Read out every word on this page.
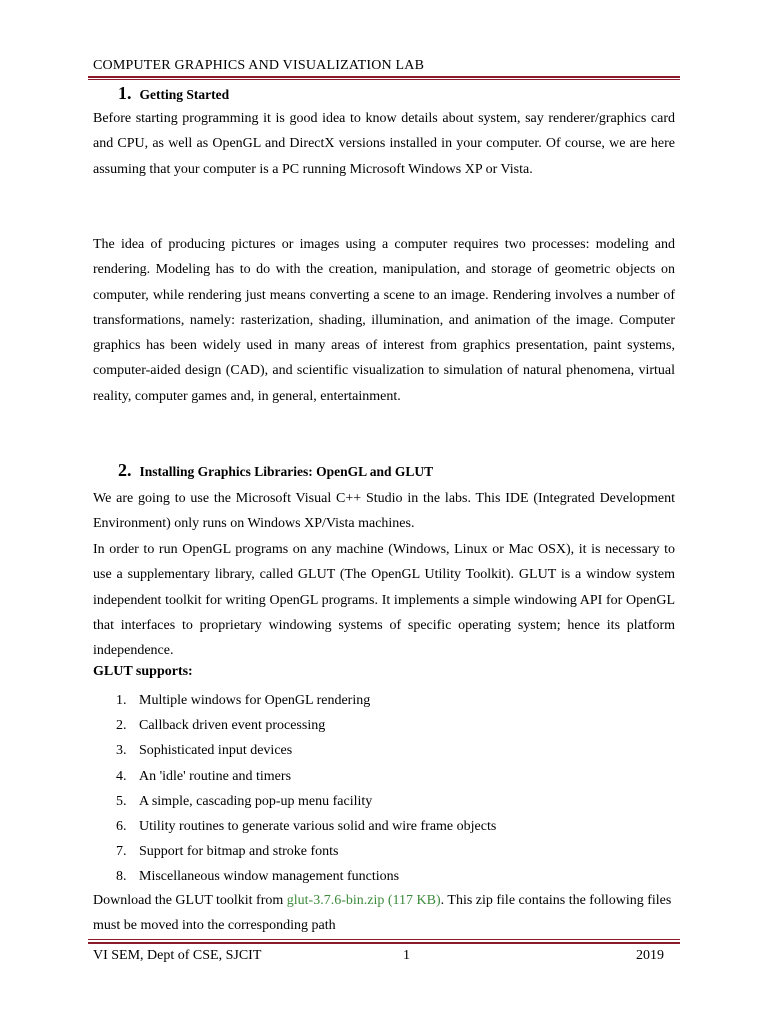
COMPUTER GRAPHICS AND VISUALIZATION LAB
1. Getting Started

Before starting programming it is good idea to know details about system, say renderer/graphics card and CPU, as well as OpenGL and DirectX versions installed in your computer. Of course, we are here assuming that your computer is a PC running Microsoft Windows XP or Vista.

The idea of producing pictures or images using a computer requires two processes: modeling and rendering. Modeling has to do with the creation, manipulation, and storage of geometric objects on computer, while rendering just means converting a scene to an image. Rendering involves a number of transformations, namely: rasterization, shading, illumination, and animation of the image. Computer graphics has been widely used in many areas of interest from graphics presentation, paint systems, computer-aided design (CAD), and scientific visualization to simulation of natural phenomena, virtual reality, computer games and, in general, entertainment.

2. Installing Graphics Libraries: OpenGL and GLUT

We are going to use the Microsoft Visual C++ Studio in the labs. This IDE (Integrated Development Environment) only runs on Windows XP/Vista machines.

In order to run OpenGL programs on any machine (Windows, Linux or Mac OSX), it is necessary to use a supplementary library, called GLUT (The OpenGL Utility Toolkit). GLUT is a window system independent toolkit for writing OpenGL programs. It implements a simple windowing API for OpenGL that interfaces to proprietary windowing systems of specific operating system; hence its platform independence.

GLUT supports:
1. Multiple windows for OpenGL rendering
2. Callback driven event processing
3. Sophisticated input devices
4. An 'idle' routine and timers
5. A simple, cascading pop-up menu facility
6. Utility routines to generate various solid and wire frame objects
7. Support for bitmap and stroke fonts
8. Miscellaneous window management functions

Download the GLUT toolkit from glut-3.7.6-bin.zip (117 KB). This zip file contains the following files must be moved into the corresponding path

VI SEM, Dept of CSE, SJCIT	1	2019
